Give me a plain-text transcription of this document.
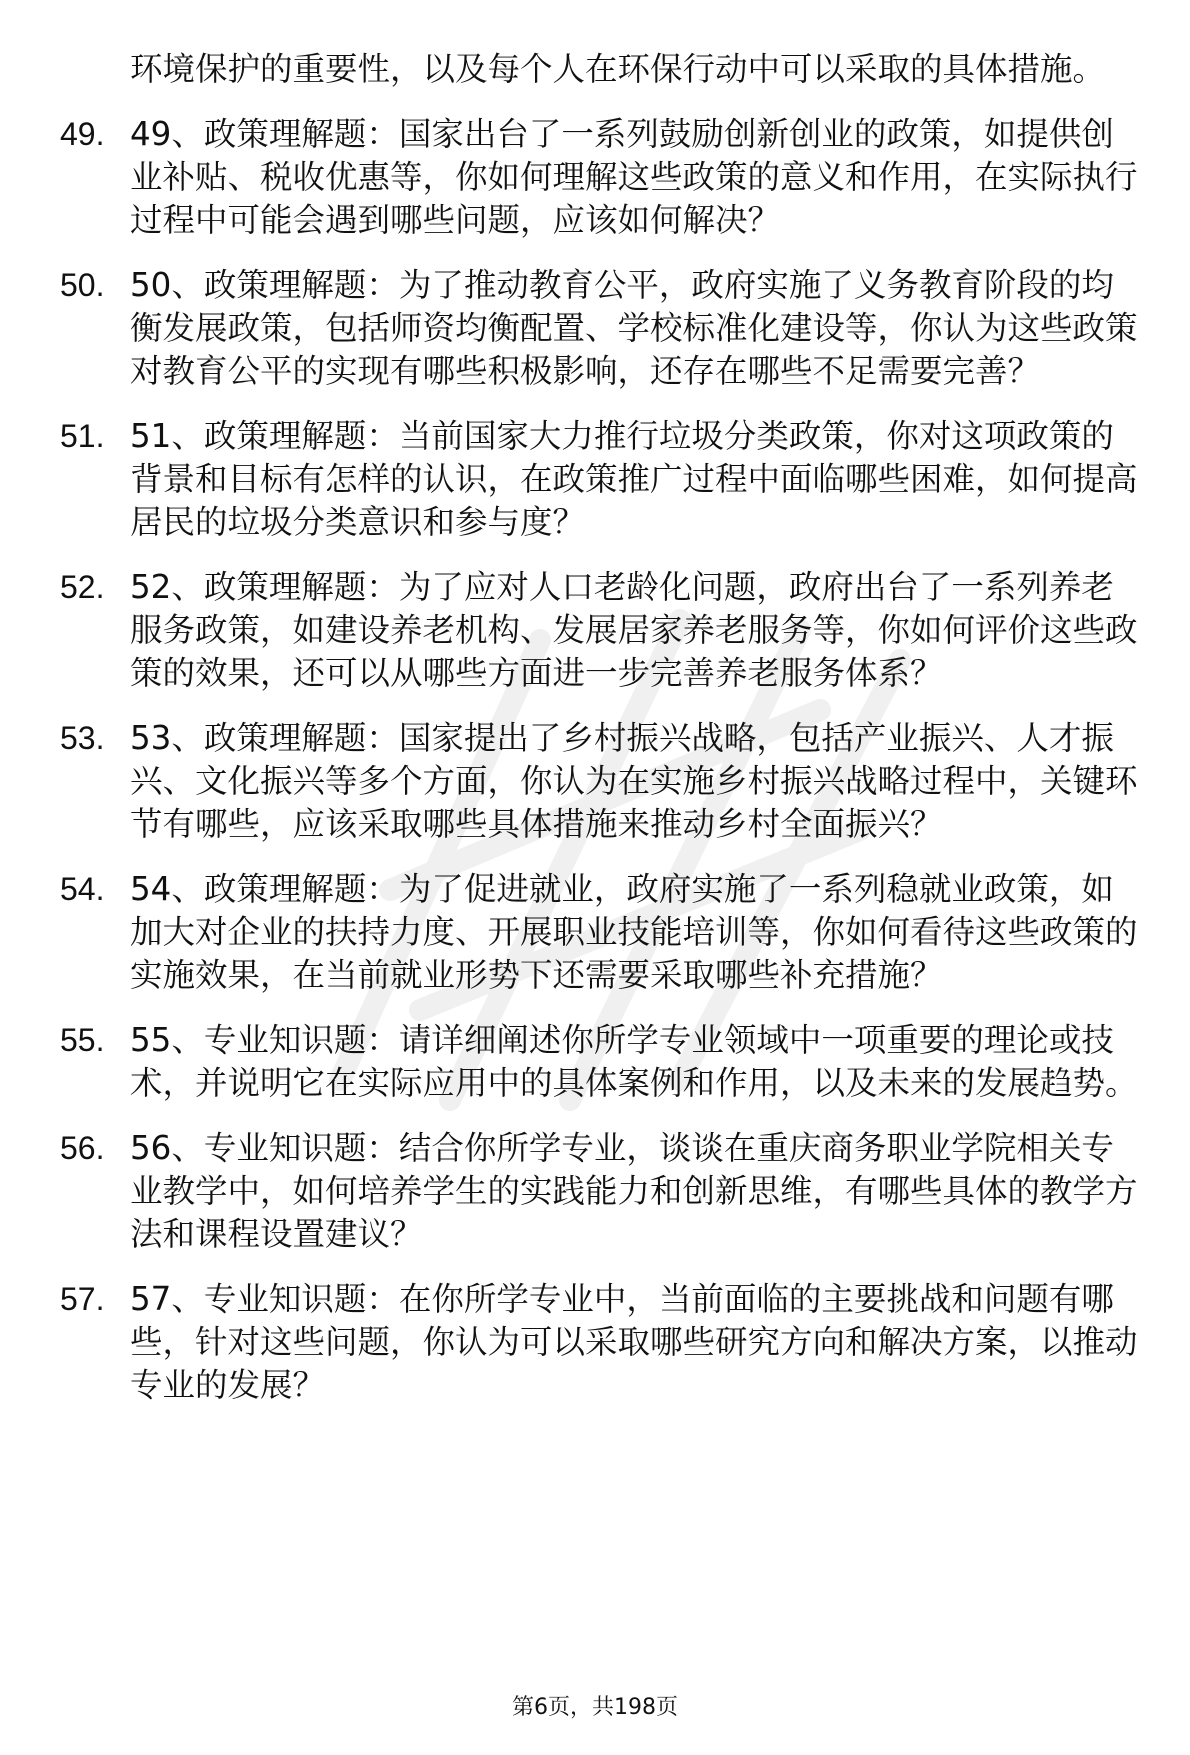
环境保护的重要性，以及每个人在环保行动中可以采取的具体措施。
49. 49、政策理解题：国家出台了一系列鼓励创新创业的政策，如提供创业补贴、税收优惠等，你如何理解这些政策的意义和作用，在实际执行过程中可能会遇到哪些问题，应该如何解决？
50. 50、政策理解题：为了推动教育公平，政府实施了义务教育阶段的均衡发展政策，包括师资均衡配置、学校标准化建设等，你认为这些政策对教育公平的实现有哪些积极影响，还存在哪些不足需要完善？
51. 51、政策理解题：当前国家大力推行垃圾分类政策，你对这项政策的背景和目标有怎样的认识，在政策推广过程中面临哪些困难，如何提高居民的垃圾分类意识和参与度？
52. 52、政策理解题：为了应对人口老龄化问题，政府出台了一系列养老服务政策，如建设养老机构、发展居家养老服务等，你如何评价这些政策的效果，还可以从哪些方面进一步完善养老服务体系？
53. 53、政策理解题：国家提出了乡村振兴战略，包括产业振兴、人才振兴、文化振兴等多个方面，你认为在实施乡村振兴战略过程中，关键环节有哪些，应该采取哪些具体措施来推动乡村全面振兴？
54. 54、政策理解题：为了促进就业，政府实施了一系列稳就业政策，如加大对企业的扶持力度、开展职业技能培训等，你如何看待这些政策的实施效果，在当前就业形势下还需要采取哪些补充措施？
55. 55、专业知识题：请详细阐述你所学专业领域中一项重要的理论或技术，并说明它在实际应用中的具体案例和作用，以及未来的发展趋势。
56. 56、专业知识题：结合你所学专业，谈谈在重庆商务职业学院相关专业教学中，如何培养学生的实践能力和创新思维，有哪些具体的教学方法和课程设置建议？
57. 57、专业知识题：在你所学专业中，当前面临的主要挑战和问题有哪些，针对这些问题，你认为可以采取哪些研究方向和解决方案，以推动专业的发展？
第6页，共198页
